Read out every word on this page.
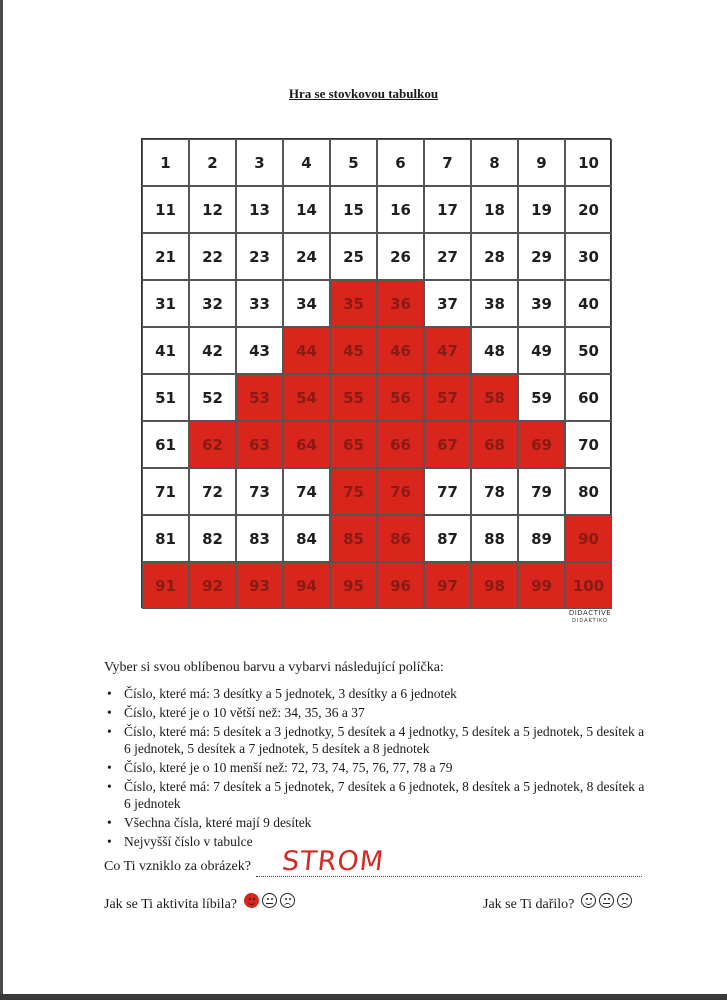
Hra se stovkovou tabulkou
1	2	3	4	5	6	7	8	9	10
11	12	13	14	15	16	17	18	19	20
21	22	23	24	25	26	27	28	29	30
31	32	33	34	35	36	37	38	39	40
41	42	43	44	45	46	47	48	49	50
51	52	53	54	55	56	57	58	59	60
61	62	63	64	65	66	67	68	69	70
71	72	73	74	75	76	77	78	79	80
81	82	83	84	85	86	87	88	89	90
91	92	93	94	95	96	97	98	99	100
DIDACTIVE
DIDAKTIKO
Vyber si svou oblíbenou barvu a vybarvi následující políčka:
• Číslo, které má: 3 desítky a 5 jednotek, 3 desítky a 6 jednotek
• Číslo, které je o 10 větší než: 34, 35, 36 a 37
• Číslo, které má: 5 desítek a 3 jednotky, 5 desítek a 4 jednotky, 5 desítek a 5 jednotek, 5 desítek a 6 jednotek, 5 desítek a 7 jednotek, 5 desítek a 8 jednotek
• Číslo, které je o 10 menší než: 72, 73, 74, 75, 76, 77, 78 a 79
• Číslo, které má: 7 desítek a 5 jednotek, 7 desítek a 6 jednotek, 8 desítek a 5 jednotek, 8 desítek a 6 jednotek
• Všechna čísla, které mají 9 desítek
• Nejvyšší číslo v tabulce
Co Ti vzniklo za obrázek?	STROM
Jak se Ti aktivita líbila?	Jak se Ti dařilo?
